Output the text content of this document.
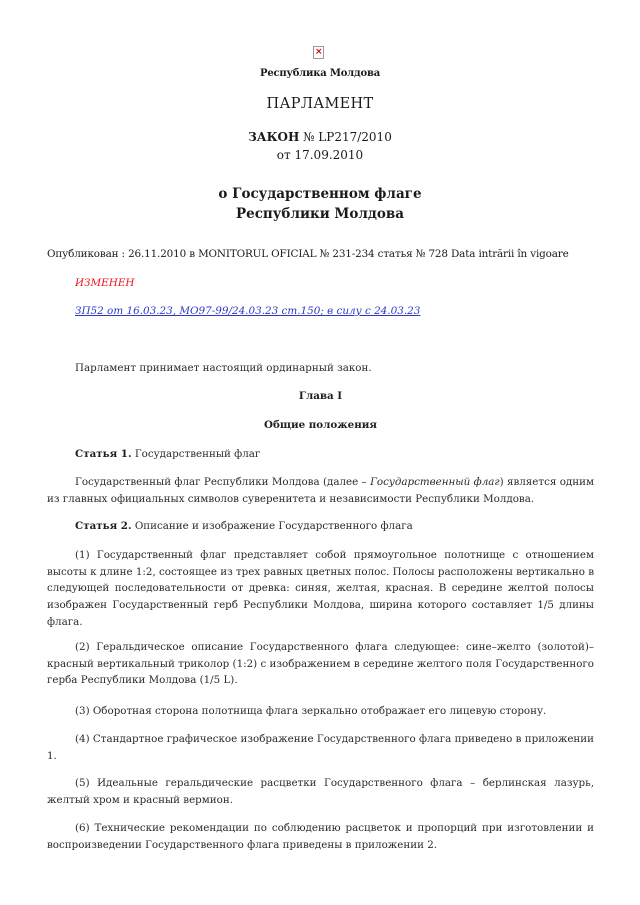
×
Республика Молдова
ПАРЛАМЕНТ
ЗАКОН № LP217/2010
от 17.09.2010
о Государственном флаге
Республики Молдова
Опубликован : 26.11.2010 в MONITORUL OFICIAL № 231-234 статья № 728 Data intrării în vigoare
ИЗМЕНЕН
ЗП52 от 16.03.23, MO97-99/24.03.23 ст.150; в силу с 24.03.23
Парламент принимает настоящий ординарный закон.
Глава I
Общие положения
Статья 1. Государственный флаг
Государственный флаг Республики Молдова (далее – Государственный флаг) является одним из главных официальных символов суверенитета и независимости Республики Молдова.
Статья 2. Описание и изображение Государственного флага
(1) Государственный флаг представляет собой прямоугольное полотнище с отношением высоты к длине 1:2, состоящее из трех равных цветных полос. Полосы расположены вертикально в следующей последовательности от древка: синяя, желтая, красная. В середине желтой полосы изображен Государственный герб Республики Молдова, ширина которого составляет 1/5 длины флага.
(2) Геральдическое описание Государственного флага следующее: сине–желто (золотой)–красный вертикальный триколор (1:2) с изображением в середине желтого поля Государственного герба Республики Молдова (1/5 L).
(3) Оборотная сторона полотнища флага зеркально отображает его лицевую сторону.
(4) Стандартное графическое изображение Государственного флага приведено в приложении 1.
(5) Идеальные геральдические расцветки Государственного флага – берлинская лазурь, желтый хром и красный вермион.
(6) Технические рекомендации по соблюдению расцветок и пропорций при изготовлении и воспроизведении Государственного флага приведены в приложении 2.
